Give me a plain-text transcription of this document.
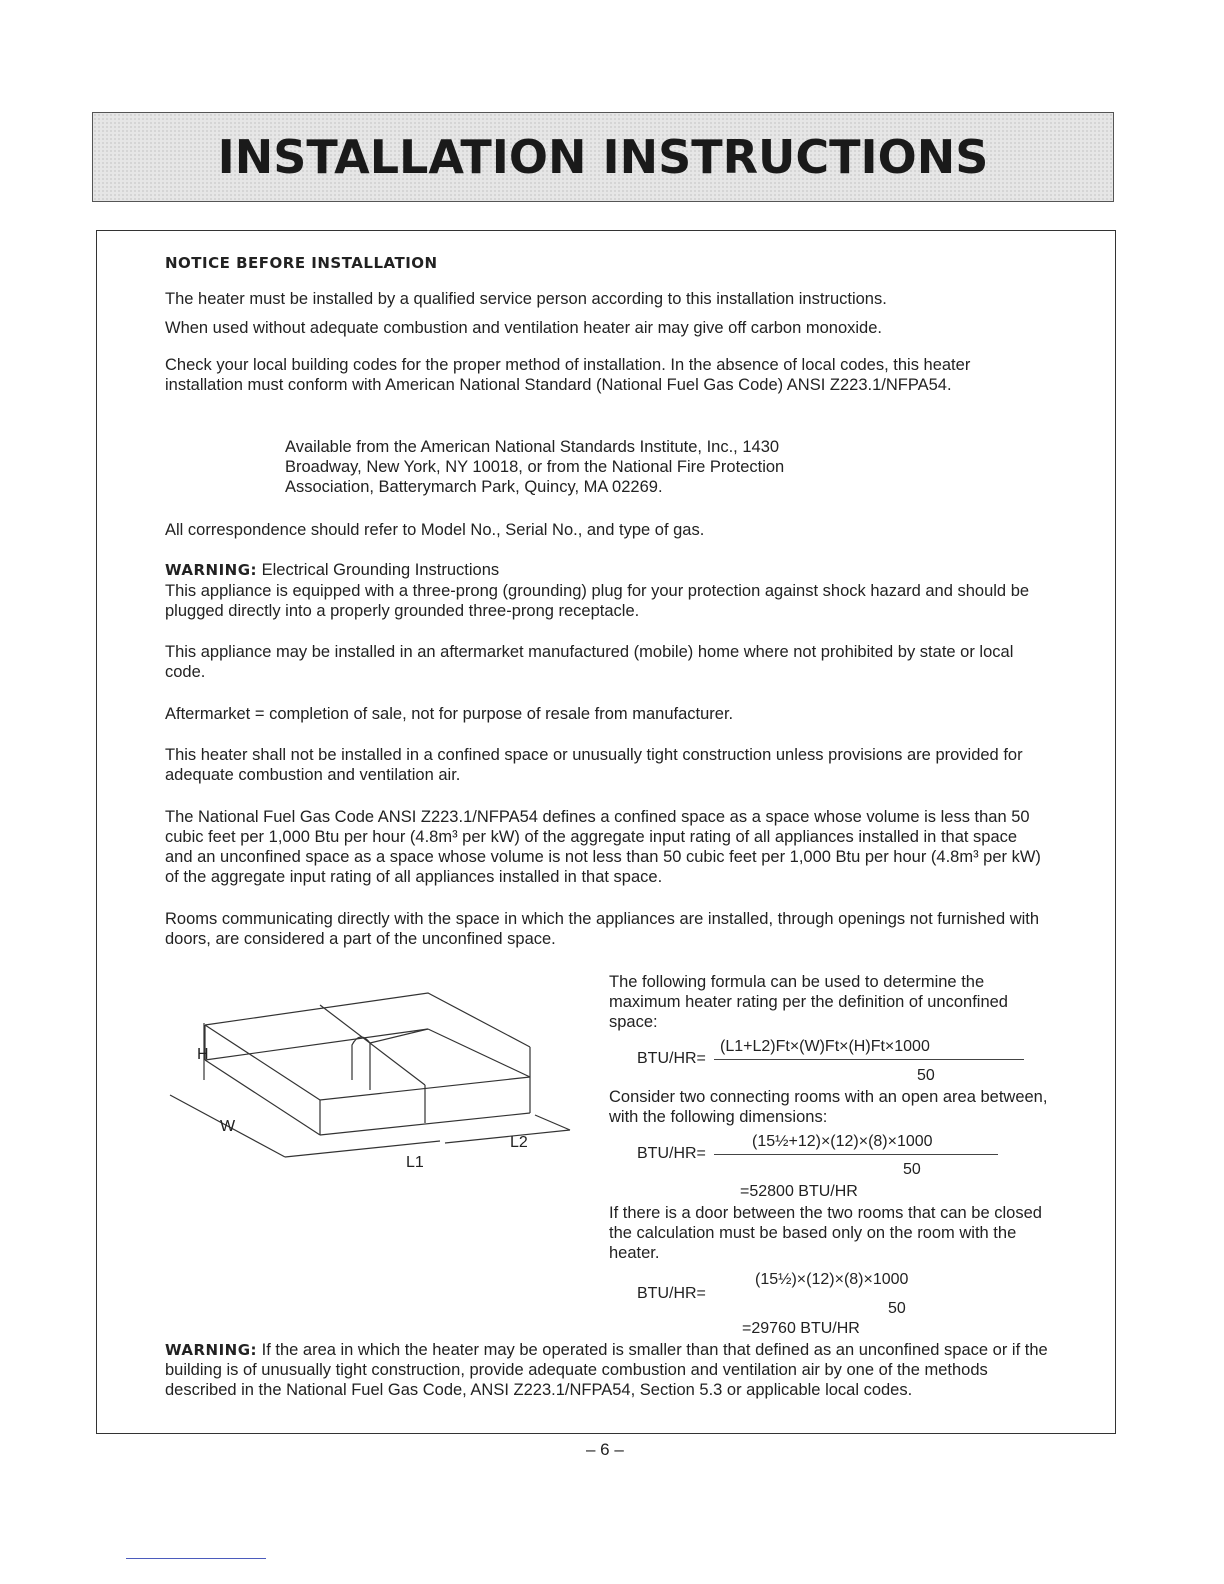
INSTALLATION INSTRUCTIONS

NOTICE BEFORE INSTALLATION

The heater must be installed by a qualified service person according to this installation instructions.

When used without adequate combustion and ventilation heater air may give off carbon monoxide.

Check your local building codes for the proper method of installation. In the absence of local codes, this heater installation must conform with American National Standard (National Fuel Gas Code) ANSI Z223.1/NFPA54.

Available from the American National Standards Institute, Inc., 1430 Broadway, New York, NY 10018, or from the National Fire Protection Association, Batterymarch Park, Quincy, MA 02269.

All correspondence should refer to Model No., Serial No., and type of gas.

WARNING: Electrical Grounding Instructions

This appliance is equipped with a three-prong (grounding) plug for your protection against shock hazard and should be plugged directly into a properly grounded three-prong receptacle.

This appliance may be installed in an aftermarket manufactured (mobile) home where not prohibited by state or local code.

Aftermarket = completion of sale, not for purpose of resale from manufacturer.

This heater shall not be installed in a confined space or unusually tight construction unless provisions are provided for adequate combustion and ventilation air.

The National Fuel Gas Code ANSI Z223.1/NFPA54 defines a confined space as a space whose volume is less than 50 cubic feet per 1,000 Btu per hour (4.8m³ per kW) of the aggregate input rating of all appliances installed in that space and an unconfined space as a space whose volume is not less than 50 cubic feet per 1,000 Btu per hour (4.8m³ per kW) of the aggregate input rating of all appliances installed in that space.

Rooms communicating directly with the space in which the appliances are installed, through openings not furnished with doors, are considered a part of the unconfined space.

H
W
L1
L2

The following formula can be used to determine the maximum heater rating per the definition of unconfined space:

BTU/HR=
(L1+L2)Ft×(W)Ft×(H)Ft×1000
50

Consider two connecting rooms with an open area between, with the following dimensions:

BTU/HR=
(15½+12)×(12)×(8)×1000
50
=52800 BTU/HR

If there is a door between the two rooms that can be closed the calculation must be based only on the room with the heater.

BTU/HR=
(15½)×(12)×(8)×1000
50
=29760 BTU/HR

WARNING: If the area in which the heater may be operated is smaller than that defined as an unconfined space or if the building is of unusually tight construction, provide adequate combustion and ventilation air by one of the methods described in the National Fuel Gas Code, ANSI Z223.1/NFPA54, Section 5.3 or applicable local codes.

– 6 –
